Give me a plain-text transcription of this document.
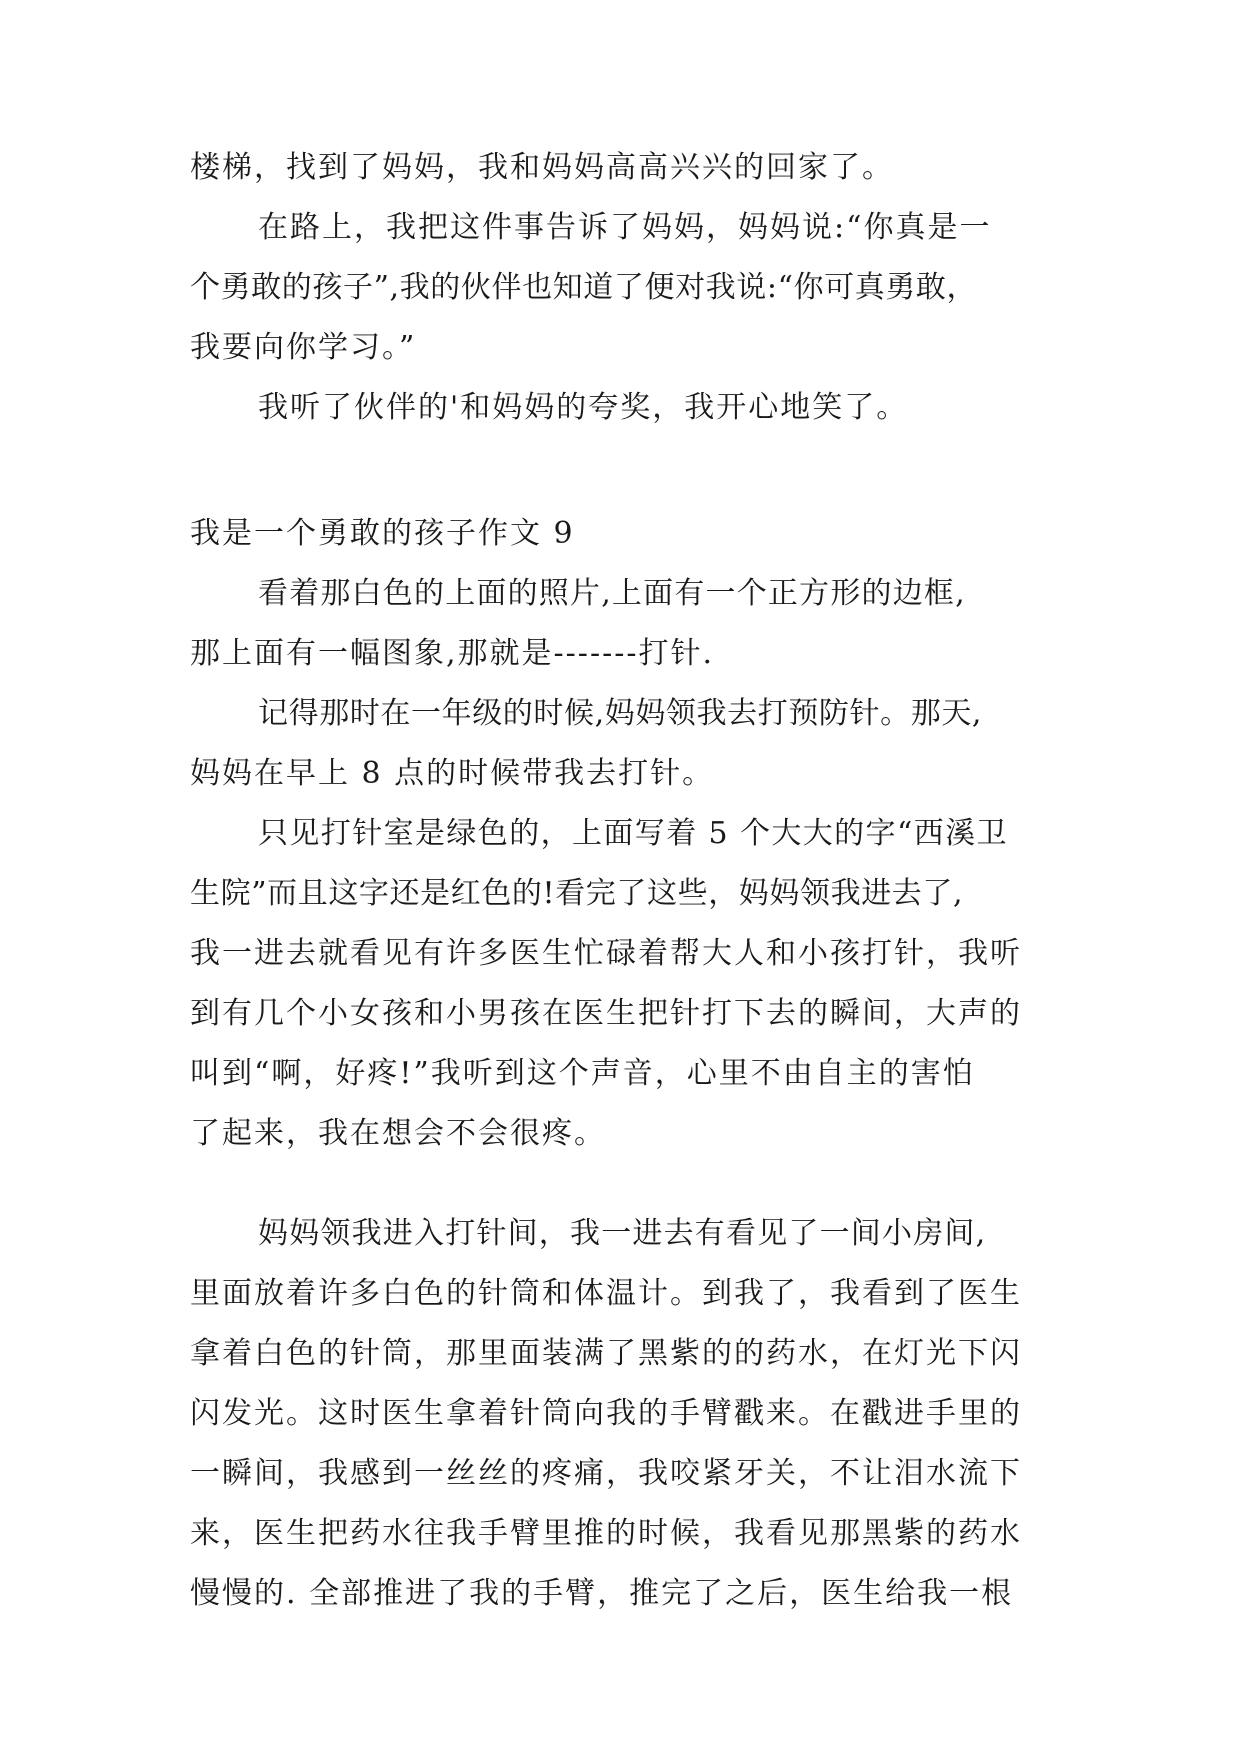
楼梯，找到了妈妈，我和妈妈高高兴兴的回家了。
在路上，我把这件事告诉了妈妈，妈妈说:“你真是一
个勇敢的孩子”,我的伙伴也知道了便对我说:“你可真勇敢，
我要向你学习。”
我听了伙伴的'和妈妈的夸奖，我开心地笑了。
我是一个勇敢的孩子作文 9
看着那白色的上面的照片,上面有一个正方形的边框,
那上面有一幅图象,那就是-------打针.
记得那时在一年级的时候,妈妈领我去打预防针。那天,
妈妈在早上 8 点的时候带我去打针。
只见打针室是绿色的，上面写着 5 个大大的字“西溪卫
生院”而且这字还是红色的!看完了这些，妈妈领我进去了,
我一进去就看见有许多医生忙碌着帮大人和小孩打针，我听
到有几个小女孩和小男孩在医生把针打下去的瞬间，大声的
叫到“啊，好疼!”我听到这个声音，心里不由自主的害怕
了起来，我在想会不会很疼。
妈妈领我进入打针间，我一进去有看见了一间小房间,
里面放着许多白色的针筒和体温计。到我了，我看到了医生
拿着白色的针筒，那里面装满了黑紫的的药水，在灯光下闪
闪发光。这时医生拿着针筒向我的手臂戳来。在戳进手里的
一瞬间，我感到一丝丝的疼痛，我咬紧牙关，不让泪水流下
来，医生把药水往我手臂里推的时候，我看见那黑紫的药水
慢慢的. 全部推进了我的手臂，推完了之后，医生给我一根
